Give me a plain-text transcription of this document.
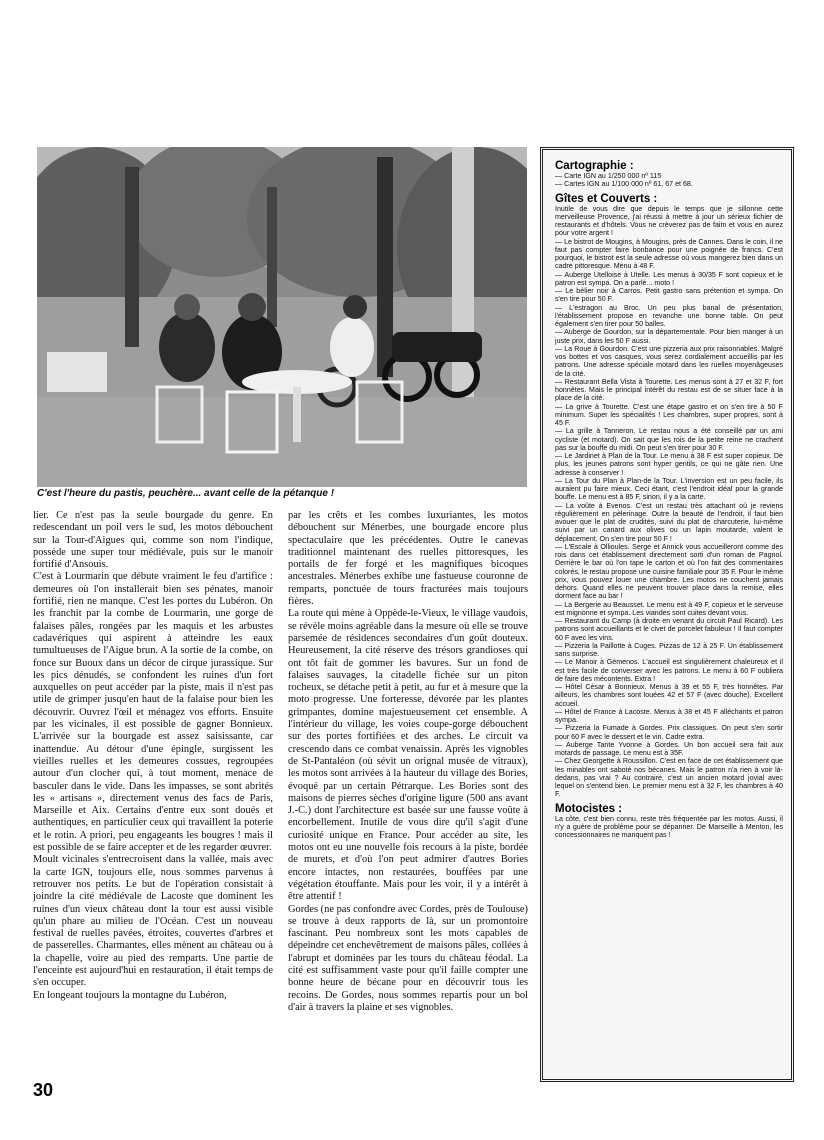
C'est l'heure du pastis, peuchère... avant celle de la pétanque !

lier. Ce n'est pas la seule bourgade du genre. En redescendant un poil vers le sud, les motos débouchent sur la Tour-d'Aigues qui, comme son nom l'indique, possède une super tour médiévale, puis sur le manoir fortifié d'Ansouis.

C'est à Lourmarin que débute vraiment le feu d'artifice : demeures où l'on installerait bien ses pénates, manoir fortifié, rien ne manque. C'est les portes du Lubéron. On les franchit par la combe de Lourmarin, une gorge de falaises pâles, rongées par les maquis et les arbustes cadavériques qui aspirent à atteindre les eaux tumultueuses de l'Aigue brun. A la sortie de la combe, on fonce sur Buoux dans un décor de cirque jurassique. Sur les pics dénudés, se confondent les ruines d'un fort auxquelles on peut accéder par la piste, mais il n'est pas utile de grimper jusqu'en haut de la falaise pour bien les découvrir. Ouvrez l'œil et ménagez vos efforts. Ensuite par les vicinales, il est possible de gagner Bonnieux. L'arrivée sur la bourgade est assez saisissante, car inattendue. Au détour d'une épingle, surgissent les vieilles ruelles et les demeures cossues, regroupées autour d'un clocher qui, à tout moment, menace de basculer dans le vide. Dans les impasses, se sont abrités les « artisans », directement venus des facs de Paris, Marseille et Aix. Certains d'entre eux sont doués et authentiques, en particulier ceux qui travaillent la poterie et le rotin. A priori, peu engageants les bougres ! mais il est possible de se faire accepter et de les regarder œuvrer.

Moult vicinales s'entrecroisent dans la vallée, mais avec la carte IGN, toujours elle, nous sommes parvenus à retrouver nos petits. Le but de l'opération consistait à joindre la cité médiévale de Lacoste que dominent les ruines d'un vieux château dont la tour est aussi visible qu'un phare au milieu de l'Océan. C'est un nouveau festival de ruelles pavées, étroites, couvertes d'arbres et de passerelles. Charmantes, elles mènent au château ou à la chapelle, voire au pied des remparts. Une partie de l'enceinte est aujourd'hui en restauration, il était temps de s'en occuper.

En longeant toujours la montagne du Lubéron,

par les crêts et les combes luxuriantes, les motos débouchent sur Ménerbes, une bourgade encore plus spectaculaire que les précédentes. Outre le canevas traditionnel maintenant des ruelles pittoresques, les portails de fer forgé et les magnifiques bicoques ancestrales. Ménerbes exhibe une fastueuse couronne de remparts, ponctuée de tours fracturées mais toujours fières.

La route qui mène à Oppède-le-Vieux, le village vaudois, se révèle moins agréable dans la mesure où elle se trouve parsemée de résidences secondaires d'un goût douteux. Heureusement, la cité réserve des trésors grandioses qui ont tôt fait de gommer les bavures. Sur un fond de falaises sauvages, la citadelle fichée sur un piton rocheux, se détache petit à petit, au fur et à mesure que la moto progresse. Une forteresse, dévorée par les plantes grimpantes, domine majestueusement cet ensemble. A l'intérieur du village, les voies coupe-gorge débouchent sur des portes fortifiées et des arches. Le circuit va crescendo dans ce combat venaissin. Après les vignobles de St-Pantaléon (où sévit un orignal musée de vitraux), les motos sont arrivées à la hauteur du village des Bories, évoqué par un certain Pétrarque. Les Bories sont des maisons de pierres sèches d'origine ligure (500 ans avant J.-C.) dont l'architecture est basée sur une fausse voûte à encorbellement. Inutile de vous dire qu'il s'agit d'une curiosité unique en France. Pour accéder au site, les motos ont eu une nouvelle fois recours à la piste, bordée de murets, et d'où l'on peut admirer d'autres Bories encore intactes, non restaurées, bouffées par une végétation étouffante. Mais pour les voir, il y a intérêt à être attentif !

Gordes (ne pas confondre avec Cordes, près de Toulouse) se trouve à deux rapports de là, sur un promontoire fascinant. Peu nombreux sont les mots capables de dépeindre cet enchevêtrement de maisons pâles, collées à l'abrupt et dominées par les tours du château féodal. La cité est suffisamment vaste pour qu'il faille compter une bonne heure de bécane pour en découvrir tous les recoins. De Gordes, nous sommes repartis pour un bol d'air à travers la plaine et ses vignobles.

30
Cartographie :

— Carte IGN au 1/250 000 nº 115

— Cartes IGN au 1/100 000 nº 61, 67 et 68.

Gîtes et Couverts :

Inutile de vous dire que depuis le temps que je sillonne cette merveilleuse Provence, j'ai réussi à mettre à jour un sérieux fichier de restaurants et d'hôtels. Vous ne crèverez pas de faim et vous en aurez pour votre argent !

— Le bistrot de Mougins, à Mougins, près de Cannes. Dans le coin, il ne faut pas compter faire bonbance pour une poignée de francs. C'est pourquoi, le bistrot est la seule adresse où vous mangerez bien dans un cadre pittoresque. Menu à 48 F.

— Auberge Utelloise à Utelle. Les menus à 30/35 F sont copieux et le patron est sympa. On a parlé... moto !

— Le bélier noir à Carros. Petit gastro sans prétention et sympa. On s'en tire pour 50 F.

— L'estragon au Broc. Un peu plus banal de présentation, l'établissement propose en revanche une bonne table. On peut également s'en tirer pour 50 balles.

— Auberge de Gourdon, sur la départementale. Pour bien manger à un juste prix, dans les 50 F aussi.

— La Roue à Gourdon. C'est une pizzeria aux prix raisonnables. Malgré vos bottes et vos casques, vous serez cordialement accueillis par les patrons. Une adresse spéciale motard dans les ruelles moyenâgeuses de la cité.

— Restaurant Bella Vista à Tourette. Les menus sont à 27 et 32 F, fort honnêtes. Mais le principal intérêt du restau est de se situer face à la place de la cité.

— La grive à Tourette. C'est une étape gastro et on s'en tire à 50 F minimum. Super les spécialités ! Les chambres, super propres, sont à 45 F.

— La grille à Tanneron. Le restau nous a été conseillé par un ami cycliste (et motard). On sait que les rois de la petite reine ne crachent pas sur la bouffe du midi. On peut s'en tirer pour 30 F.

— Le Jardinet à Plan de la Tour. Le menu à 38 F est super copieux. De plus, les jeunes patrons sont hyper gentils, ce qui ne gâte rien. Une adresse à conserver !

— La Tour du Plan à Plan-de la Tour. L'inversion est un peu facile, ils auraient pu faire mieux. Ceci étant, c'est l'endroit idéal pour la grande bouffe. Le menu est à 85 F, sinon, il y a la carte.

— La voûte à Evenos. C'est un restau très attachant où je reviens régulièrement en pèlerinage. Outre la beauté de l'endroit, il faut bien avouer que le plat de crudités, suivi du plat de charcuterie, lui-même suivi par un canard aux olives ou un lapin moutarde, valent le déplacement. On s'en tire pour 50 F !

— L'Escale à Ollioules. Serge et Annick vous accueilleront comme des rois dans cet établissement directement sorti d'un roman de Pagnol. Derrière le bar où l'on tape le carton et où l'on fait des commentaires colorés, le restau propose une cuisine familiale pour 35 F. Pour le même prix, vous pouvez louer une chambre. Les motos ne couchent jamais dehors. Quand elles ne peuvent trouver place dans la remise, elles dorment face au bar !

— La Bergerie au Beausset. Le menu est à 49 F, copieux et le serveuse est mignonne et sympa. Les viandes sont cuites devant vous.

— Restaurant du Camp (à droite en venant du circuit Paul Ricard). Les patrons sont accueillants et le civet de porcelet fabuleux ! Il faut compter 60 F avec les vins.

— Pizzeria la Paillotte à Cuges. Pizzas de 12 à 25 F. Un établissement sans surprise.

— Le Manoir à Gémenos. L'accueil est singulièrement chaleureux et il est très facile de converser avec les patrons. Le menu à 60 F oubliera de faire des mécontents. Extra !

— Hôtel César à Bonnieux. Menus à 39 et 55 F, très honnêtes. Par ailleurs, les chambres sont louées 42 et 57 F (avec douche). Excellent accueil.

— Hôtel de France à Lacoste. Menus à 38 et 45 F alléchants et patron sympa.

— Pizzeria la Fumade à Gordes. Prix classiques. On peut s'en sortir pour 60 F avec le dessert et le vin. Cadre extra.

— Auberge Tante Yvonne à Gordes. Un bon accueil sera fait aux motards de passage. Le menu est à 35F.

— Chez Georgette à Roussillon. C'est en face de cet établissement que les minables ont saboté nos bécanes. Mais le patron n'a rien à voir là-dedans, pas vrai ? Au contraire, c'est un ancien motard jovial avec lequel on s'entend bien. Le premier menu est à 32 F, les chambres à 40 F.

Motocistes :
La côte, c'est bien connu, reste très fréquentée par les motos. Aussi, il n'y a guère de problème pour se dépanner. De Marseille à Menton, les concessionnaires ne manquent pas !
